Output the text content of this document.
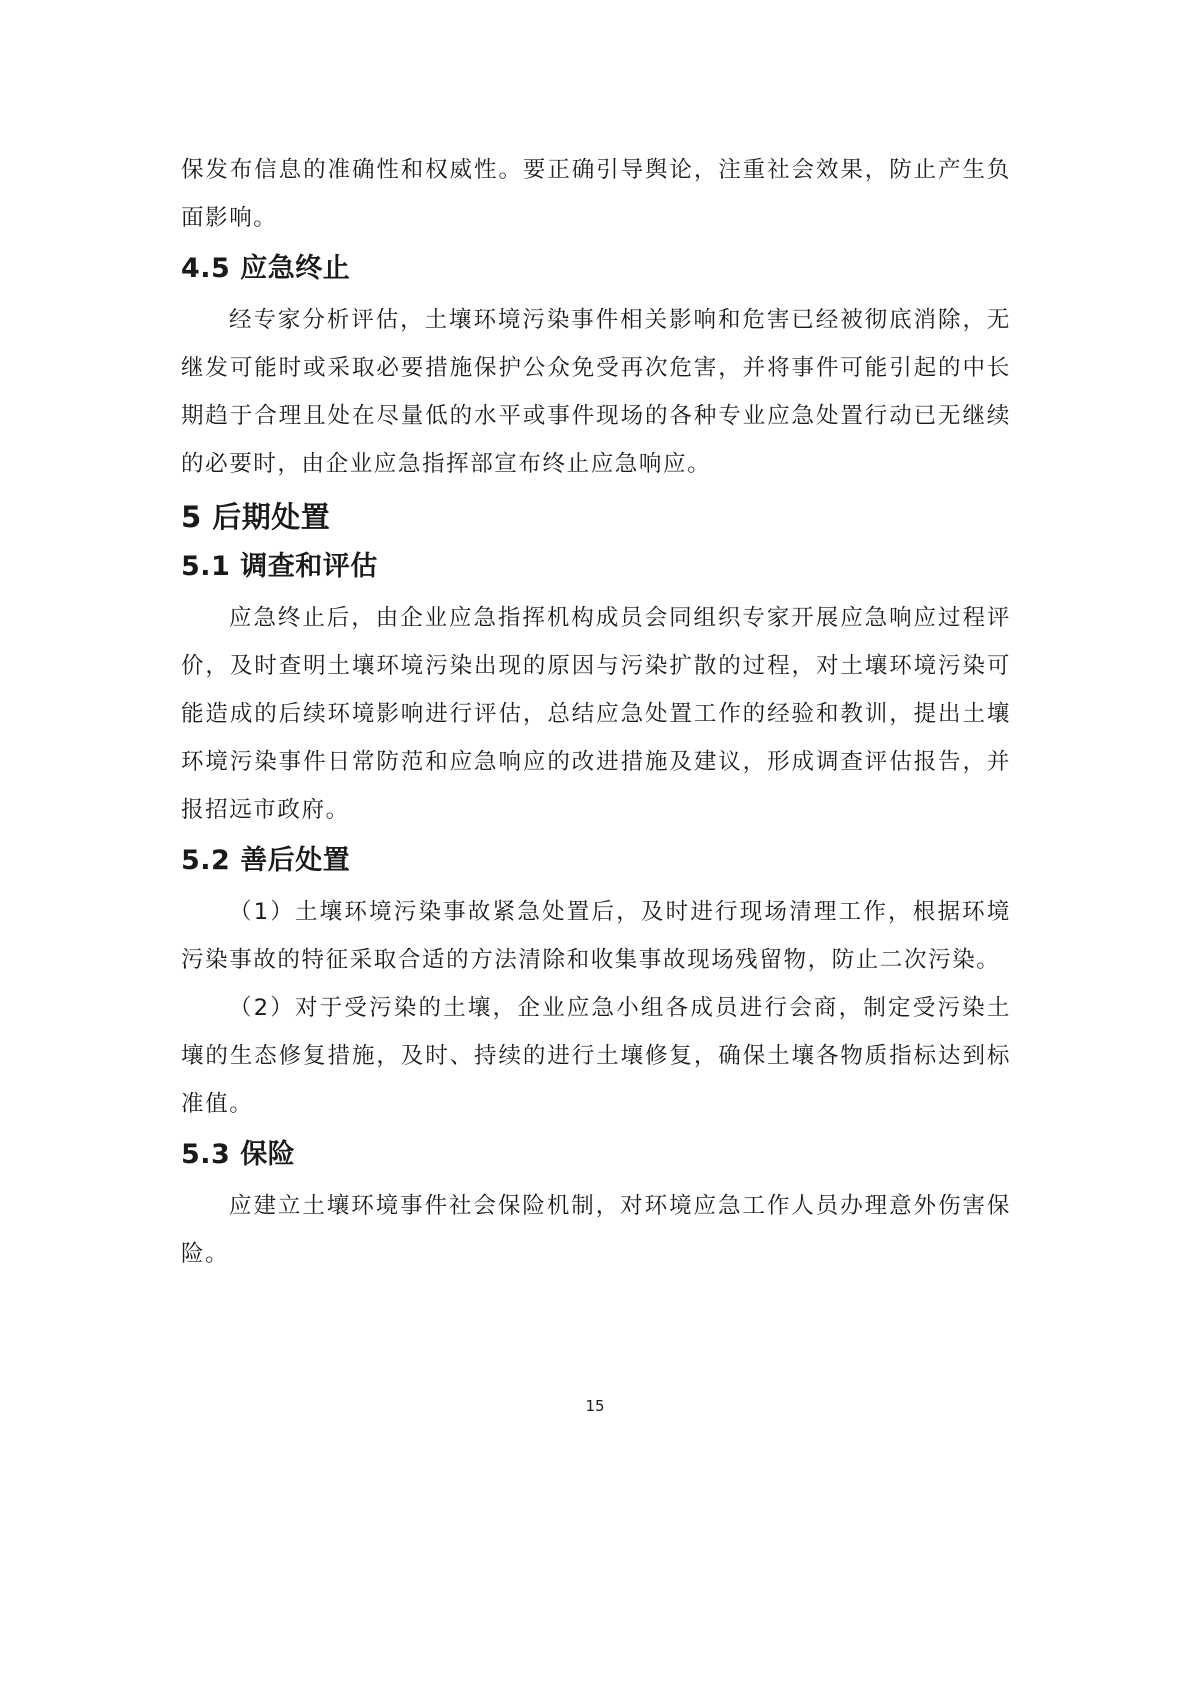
保发布信息的准确性和权威性。要正确引导舆论，注重社会效果，防止产生负面影响。

4.5 应急终止

经专家分析评估，土壤环境污染事件相关影响和危害已经被彻底消除，无继发可能时或采取必要措施保护公众免受再次危害，并将事件可能引起的中长期趋于合理且处在尽量低的水平或事件现场的各种专业应急处置行动已无继续的必要时，由企业应急指挥部宣布终止应急响应。

5 后期处置
5.1 调查和评估

应急终止后，由企业应急指挥机构成员会同组织专家开展应急响应过程评价，及时查明土壤环境污染出现的原因与污染扩散的过程，对土壤环境污染可能造成的后续环境影响进行评估，总结应急处置工作的经验和教训，提出土壤环境污染事件日常防范和应急响应的改进措施及建议，形成调查评估报告，并报招远市政府。

5.2 善后处置

（1）土壤环境污染事故紧急处置后，及时进行现场清理工作，根据环境污染事故的特征采取合适的方法清除和收集事故现场残留物，防止二次污染。

（2）对于受污染的土壤，企业应急小组各成员进行会商，制定受污染土壤的生态修复措施，及时、持续的进行土壤修复，确保土壤各物质指标达到标准值。

5.3 保险

应建立土壤环境事件社会保险机制，对环境应急工作人员办理意外伤害保险。

15
